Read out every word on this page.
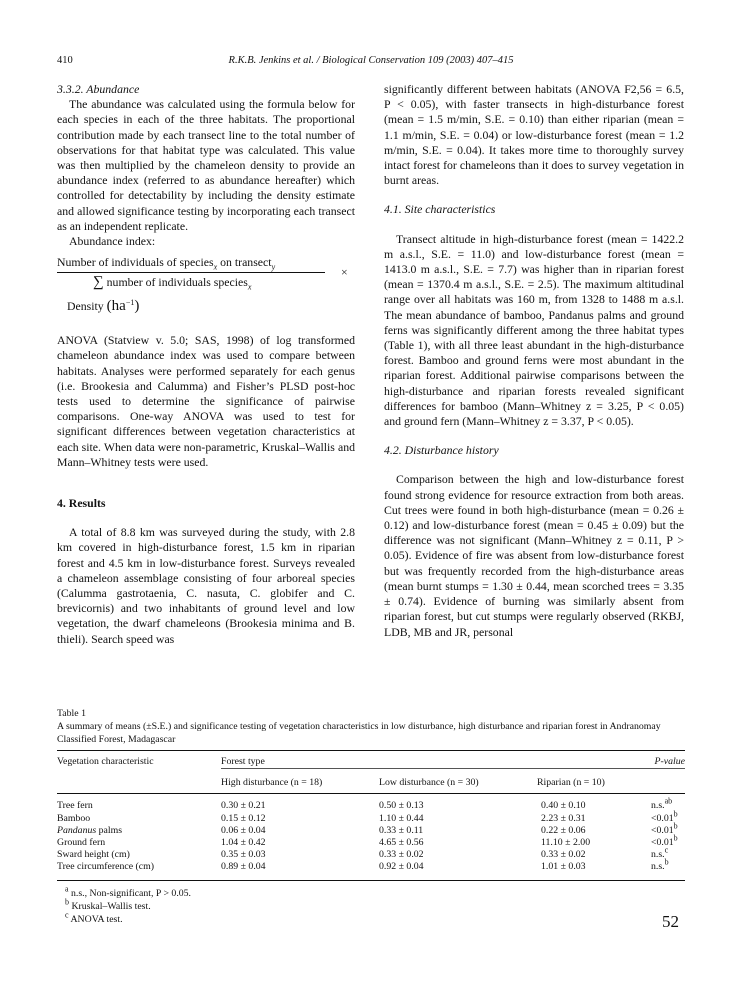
410	R.K.B. Jenkins et al. / Biological Conservation 109 (2003) 407–415

3.3.2. Abundance

The abundance was calculated using the formula below for each species in each of the three habitats. The proportional contribution made by each transect line to the total number of observations for that habitat type was calculated. This value was then multiplied by the chameleon density to provide an abundance index (referred to as abundance hereafter) which controlled for detectability by including the density estimate and allowed significance testing by incorporating each transect as an independent replicate.

Abundance index:

Number of individuals of species$_x$ on transect$_y$
∑ number of individuals species$_x$
×
Density $(ha^{-1})$

ANOVA (Statview v. 5.0; SAS, 1998) of log transformed chameleon abundance index was used to compare between habitats. Analyses were performed separately for each genus (i.e. Brookesia and Calumma) and Fisher’s PLSD post-hoc tests used to determine the significance of pairwise comparisons. One-way ANOVA was used to test for significant differences between vegetation characteristics at each site. When data were non-parametric, Kruskal–Wallis and Mann–Whitney tests were used.

4. Results

A total of 8.8 km was surveyed during the study, with 2.8 km covered in high-disturbance forest, 1.5 km in riparian forest and 4.5 km in low-disturbance forest. Surveys revealed a chameleon assemblage consisting of four arboreal species (Calumma gastrotaenia, C. nasuta, C. globifer and C. brevicornis) and two inhabitants of ground level and low vegetation, the dwarf chameleons (Brookesia minima and B. thieli). Search speed was

significantly different between habitats (ANOVA F2,56 = 6.5, P < 0.05), with faster transects in high-disturbance forest (mean = 1.5 m/min, S.E. = 0.10) than either riparian (mean = 1.1 m/min, S.E. = 0.04) or low-disturbance forest (mean = 1.2 m/min, S.E. = 0.04). It takes more time to thoroughly survey intact forest for chameleons than it does to survey vegetation in burnt areas.

4.1. Site characteristics

Transect altitude in high-disturbance forest (mean = 1422.2 m a.s.l., S.E. = 11.0) and low-disturbance forest (mean = 1413.0 m a.s.l., S.E. = 7.7) was higher than in riparian forest (mean = 1370.4 m a.s.l., S.E. = 2.5). The maximum altitudinal range over all habitats was 160 m, from 1328 to 1488 m a.s.l. The mean abundance of bamboo, Pandanus palms and ground ferns was significantly different among the three habitat types (Table 1), with all three least abundant in the high-disturbance forest. Bamboo and ground ferns were most abundant in the riparian forest. Additional pairwise comparisons between the high-disturbance and riparian forests revealed significant differences for bamboo (Mann–Whitney z = 3.25, P < 0.05) and ground fern (Mann–Whitney z = 3.37, P < 0.05).

4.2. Disturbance history

Comparison between the high and low-disturbance forest found strong evidence for resource extraction from both areas. Cut trees were found in both high-disturbance (mean = 0.26 ± 0.12) and low-disturbance forest (mean = 0.45 ± 0.09) but the difference was not significant (Mann–Whitney z = 0.11, P > 0.05). Evidence of fire was absent from low-disturbance forest but was frequently recorded from the high-disturbance areas (mean burnt stumps = 1.30 ± 0.44, mean scorched trees = 3.35 ± 0.74). Evidence of burning was similarly absent from riparian forest, but cut stumps were regularly observed (RKBJ, LDB, MB and JR, personal

Table 1

A summary of means (±S.E.) and significance testing of vegetation characteristics in low disturbance, high disturbance and riparian forest in Andranomay Classified Forest, Madagascar

Vegetation characteristic	Forest type			P-value
	High disturbance (n = 18)	Low disturbance (n = 30)	Riparian (n = 10)	
Tree fern	0.30 ± 0.21	0.50 ± 0.13	0.40 ± 0.10	n.s.$^{ab}$
Bamboo	0.15 ± 0.12	1.10 ± 0.44	2.23 ± 0.31	<0.01$^b$
Pandanus palms	0.06 ± 0.04	0.33 ± 0.11	0.22 ± 0.06	<0.01$^b$
Ground fern	1.04 ± 0.42	4.65 ± 0.56	11.10 ± 2.00	<0.01$^b$
Sward height (cm)	0.35 ± 0.03	0.33 ± 0.02	0.33 ± 0.02	n.s.$^c$
Tree circumference (cm)	0.89 ± 0.04	0.92 ± 0.04	1.01 ± 0.03	n.s.$^b$

$^a$ n.s., Non-significant, P > 0.05.
$^b$ Kruskal–Wallis test.
$^c$ ANOVA test.	52
